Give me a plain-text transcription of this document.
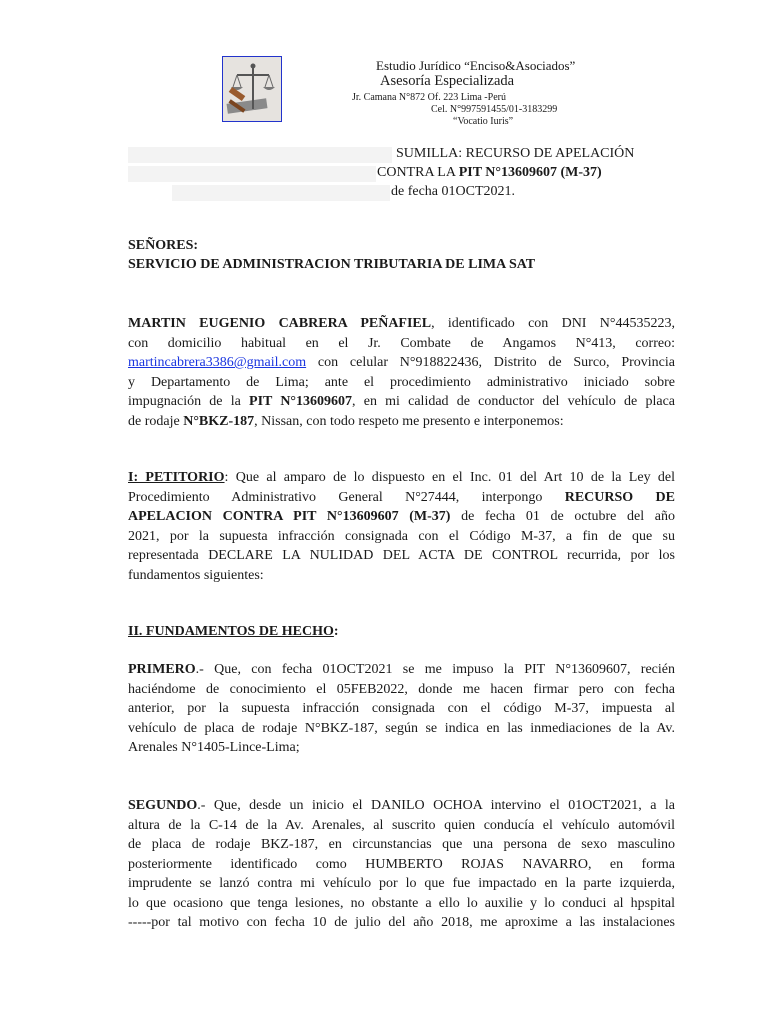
Estudio Jurídico “Enciso&Asociados”
Asesoría Especializada
Jr. Camana N°872 Of. 223 Lima -Perú
Cel. N°997591455/01-3183299
“Vocatio Iuris”
SUMILLA: RECURSO DE APELACIÓN
CONTRA LA PIT N°13609607 (M-37)
de fecha 01OCT2021.
SEÑORES:
SERVICIO DE ADMINISTRACION TRIBUTARIA DE LIMA SAT
MARTIN EUGENIO CABRERA PEÑAFIEL, identificado con DNI N°44535223,
con domicilio habitual en el Jr. Combate de Angamos N°413, correo:
martincabrera3386@gmail.com con celular N°918822436, Distrito de Surco, Provincia
y Departamento de Lima; ante el procedimiento administrativo iniciado sobre
impugnación de la PIT N°13609607, en mi calidad de conductor del vehículo de placa
de rodaje N°BKZ-187, Nissan, con todo respeto me presento e interponemos:
I: PETITORIO: Que al amparo de lo dispuesto en el Inc. 01 del Art 10 de la Ley del
Procedimiento Administrativo General N°27444, interpongo RECURSO DE
APELACION CONTRA PIT N°13609607 (M-37) de fecha 01 de octubre del año
2021, por la supuesta infracción consignada con el Código M-37, a fin de que su
representada DECLARE LA NULIDAD DEL ACTA DE CONTROL recurrida, por los
fundamentos siguientes:
II. FUNDAMENTOS DE HECHO:
PRIMERO.- Que, con fecha 01OCT2021 se me impuso la PIT N°13609607, recién
haciéndome de conocimiento el 05FEB2022, donde me hacen firmar pero con fecha
anterior, por la supuesta infracción consignada con el código M-37, impuesta al
vehículo de placa de rodaje N°BKZ-187, según se indica en las inmediaciones de la Av.
Arenales N°1405-Lince-Lima;
SEGUNDO.- Que, desde un inicio el DANILO OCHOA intervino el 01OCT2021, a la
altura de la C-14 de la Av. Arenales, al suscrito quien conducía el vehículo automóvil
de placa de rodaje BKZ-187, en circunstancias que una persona de sexo masculino
posteriormente identificado como HUMBERTO ROJAS NAVARRO, en forma
imprudente se lanzó contra mi vehículo por lo que fue impactado en la parte izquierda,
lo que ocasiono que tenga lesiones, no obstante a ello lo auxilie y lo conduci al hpspital
-----por tal motivo con fecha 10 de julio del año 2018, me aproxime a las instalaciones
